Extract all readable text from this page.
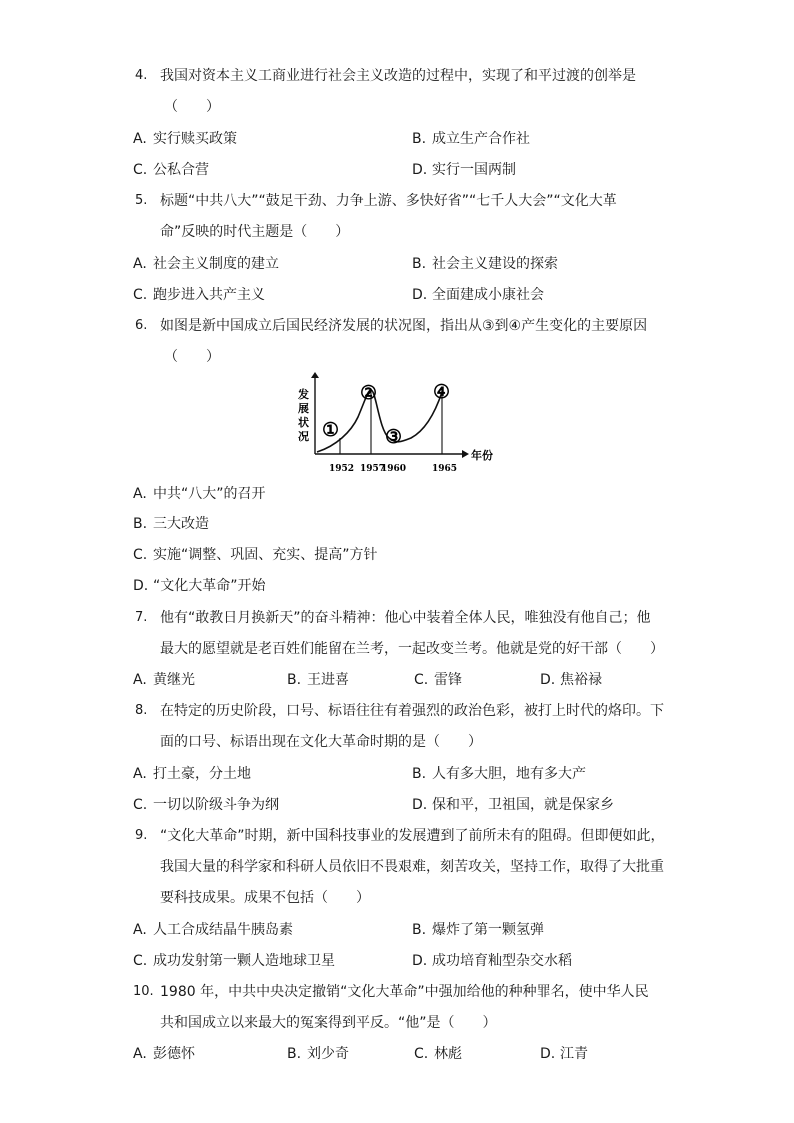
4. 我国对资本主义工商业进行社会主义改造的过程中，实现了和平过渡的创举是
（　　）
A. 实行赎买政策	B. 成立生产合作社
C. 公私合营	D. 实行一国两制
5. 标题“中共八大”“鼓足干劲、力争上游、多快好省”“七千人大会”“文化大革
命”反映的时代主题是（　　）
A. 社会主义制度的建立	B. 社会主义建设的探索
C. 跑步进入共产主义	D. 全面建成小康社会
6. 如图是新中国成立后国民经济发展的状况图，指出从③到④产生变化的主要原因
（　　）
发
展
状
况
年份
①
②
③
④
1952 1957
1960	1965
A. 中共“八大”的召开
B. 三大改造
C. 实施“调整、巩固、充实、提高”方针
D. “文化大革命”开始
7. 他有“敢教日月换新天”的奋斗精神：他心中装着全体人民，唯独没有他自己；他
最大的愿望就是老百姓们能留在兰考，一起改变兰考。他就是党的好干部（　　）
A. 黄继光	B. 王进喜	C. 雷锋	D. 焦裕禄
8. 在特定的历史阶段，口号、标语往往有着强烈的政治色彩，被打上时代的烙印。下
面的口号、标语出现在文化大革命时期的是（　　）
A. 打土豪，分土地	B. 人有多大胆，地有多大产
C. 一切以阶级斗争为纲	D. 保和平，卫祖国，就是保家乡
9. “文化大革命”时期，新中国科技事业的发展遭到了前所未有的阻碍。但即便如此，
我国大量的科学家和科研人员依旧不畏艰难，刻苦攻关，坚持工作，取得了大批重
要科技成果。成果不包括（　　）
A. 人工合成结晶牛胰岛素	B. 爆炸了第一颗氢弹
C. 成功发射第一颗人造地球卫星	D. 成功培育籼型杂交水稻
10. 1980 年，中共中央决定撤销“文化大革命”中强加给他的种种罪名，使中华人民
共和国成立以来最大的冤案得到平反。“他”是（　　）
A. 彭德怀	B. 刘少奇	C. 林彪	D. 江青
